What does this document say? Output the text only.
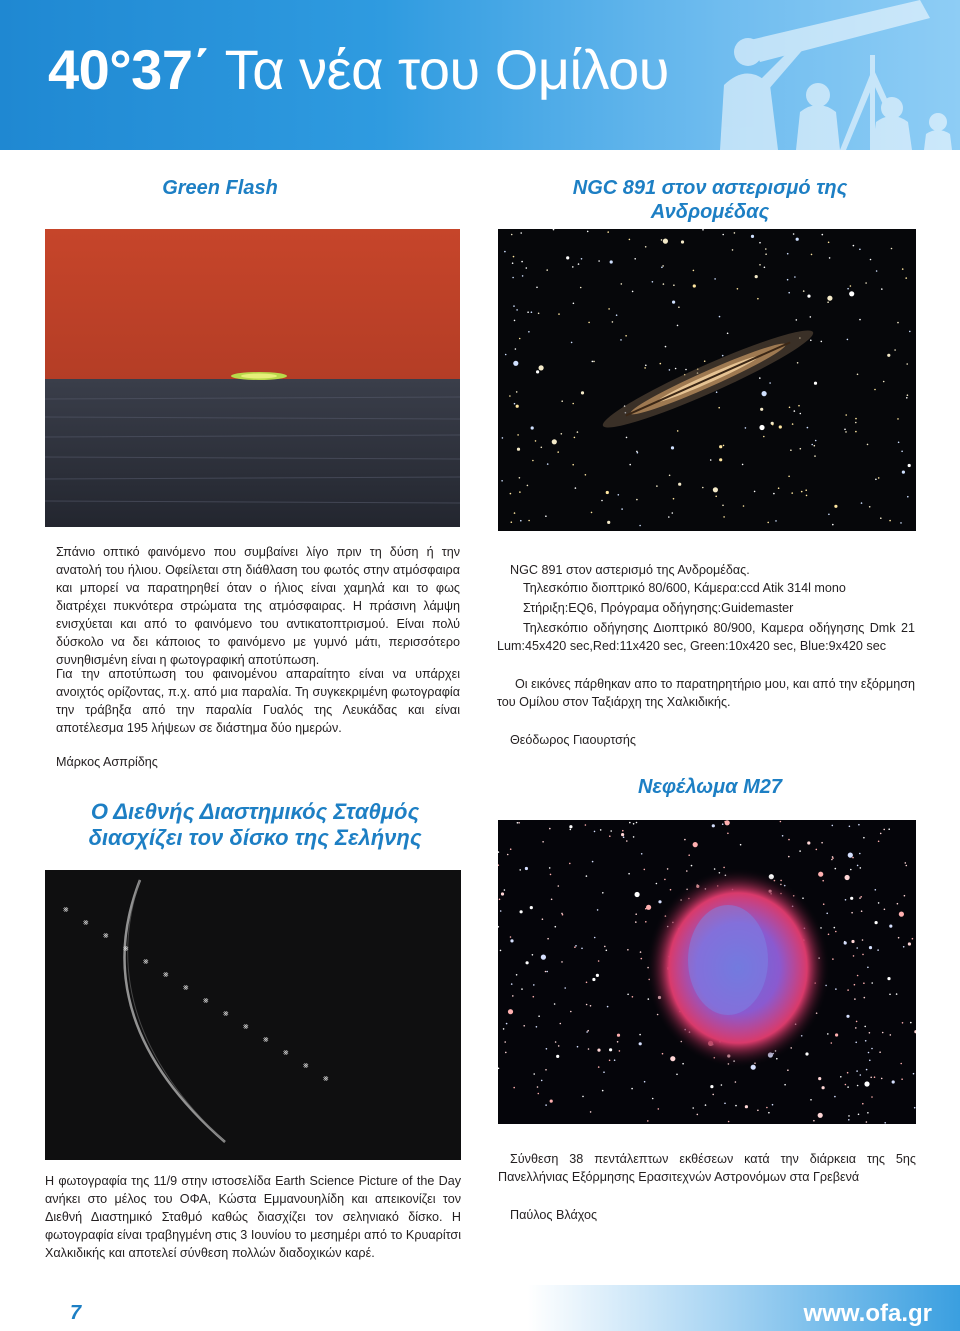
40°37΄ Τα νέα του Ομίλου
Green Flash
Σπάνιο οπτικό φαινόμενο που συμβαίνει λίγο πριν τη δύση ή την ανατολή του ήλιου. Οφείλεται στη διάθλαση του φωτός στην ατμόσφαιρα και μπορεί να παρατηρηθεί όταν ο ήλιος είναι χαμηλά και το φως διατρέχει πυκνότερα στρώματα της ατμόσφαιρας. Η πράσινη λάμψη ενισχύεται και από το φαινόμενο του αντικατοπτρισμού. Είναι πολύ δύσκολο να δει κάποιος το φαινόμενο με γυμνό μάτι, περισσότερο συνηθισμένη είναι η φωτογραφική αποτύπωση.
Για την αποτύπωση του φαινομένου απαραίτητο είναι να υπάρχει ανοιχτός ορίζοντας, π.χ. από μια παραλία. Τη συγκεκριμένη φωτογραφία την τράβηξα από την παραλία Γυαλός της Λευκάδας και είναι αποτέλεσμα 195 λήψεων σε διάστημα δύο ημερών.
Μάρκος Ασπρίδης
NGC 891 στον αστερισμό της Ανδρομέδας
NGC 891 στον αστερισμό της Ανδρομέδας.
Τηλεσκόπιο διοπτρικό 80/600, Κάμερα:ccd Atik 314l mono
Στήριξη:EQ6, Πρόγραμα οδήγησης:Guidemaster
Τηλεσκόπιο οδήγησης Διοπτρικό 80/900, Καμερα οδήγησης Dmk 21 Lum:45x420 sec,Red:11x420 sec, Green:10x420 sec, Blue:9x420 sec
Οι εικόνες πάρθηκαν απο το παρατηρητήριο μου, και από την εξόρμηση του Ομίλου στον Ταξιάρχη της Χαλκιδικής.
Θεόδωρος Γιαουρτσής
Ο Διεθνής Διαστημικός Σταθμός διασχίζει τον δίσκο της Σελήνης
⨳
⨳
⨳
⨳
⨳
⨳
⨳
⨳
⨳
⨳
⨳
⨳
⨳
⨳
Η φωτογραφία της 11/9 στην ιστοσελίδα Earth Science Picture of the Day ανήκει στο μέλος του ΟΦΑ, Κώστα Εμμανουηλίδη και απεικονίζει τον Διεθνή Διαστημικό Σταθμό καθώς διασχίζει τον σεληνιακό δίσκο. Η φωτογραφία είναι τραβηγμένη στις 3 Ιουνίου το μεσημέρι από το Κρυαρίτσι Χαλκιδικής και αποτελεί σύνθεση πολλών διαδοχικών καρέ.
Νεφέλωμα M27
Σύνθεση 38 πεντάλεπτων εκθέσεων κατά την διάρκεια της 5ης Πανελλήνιας Εξόρμησης Ερασιτεχνών Αστρονόμων στα Γρεβενά
Παύλος Βλάχος
7	www.ofa.gr
